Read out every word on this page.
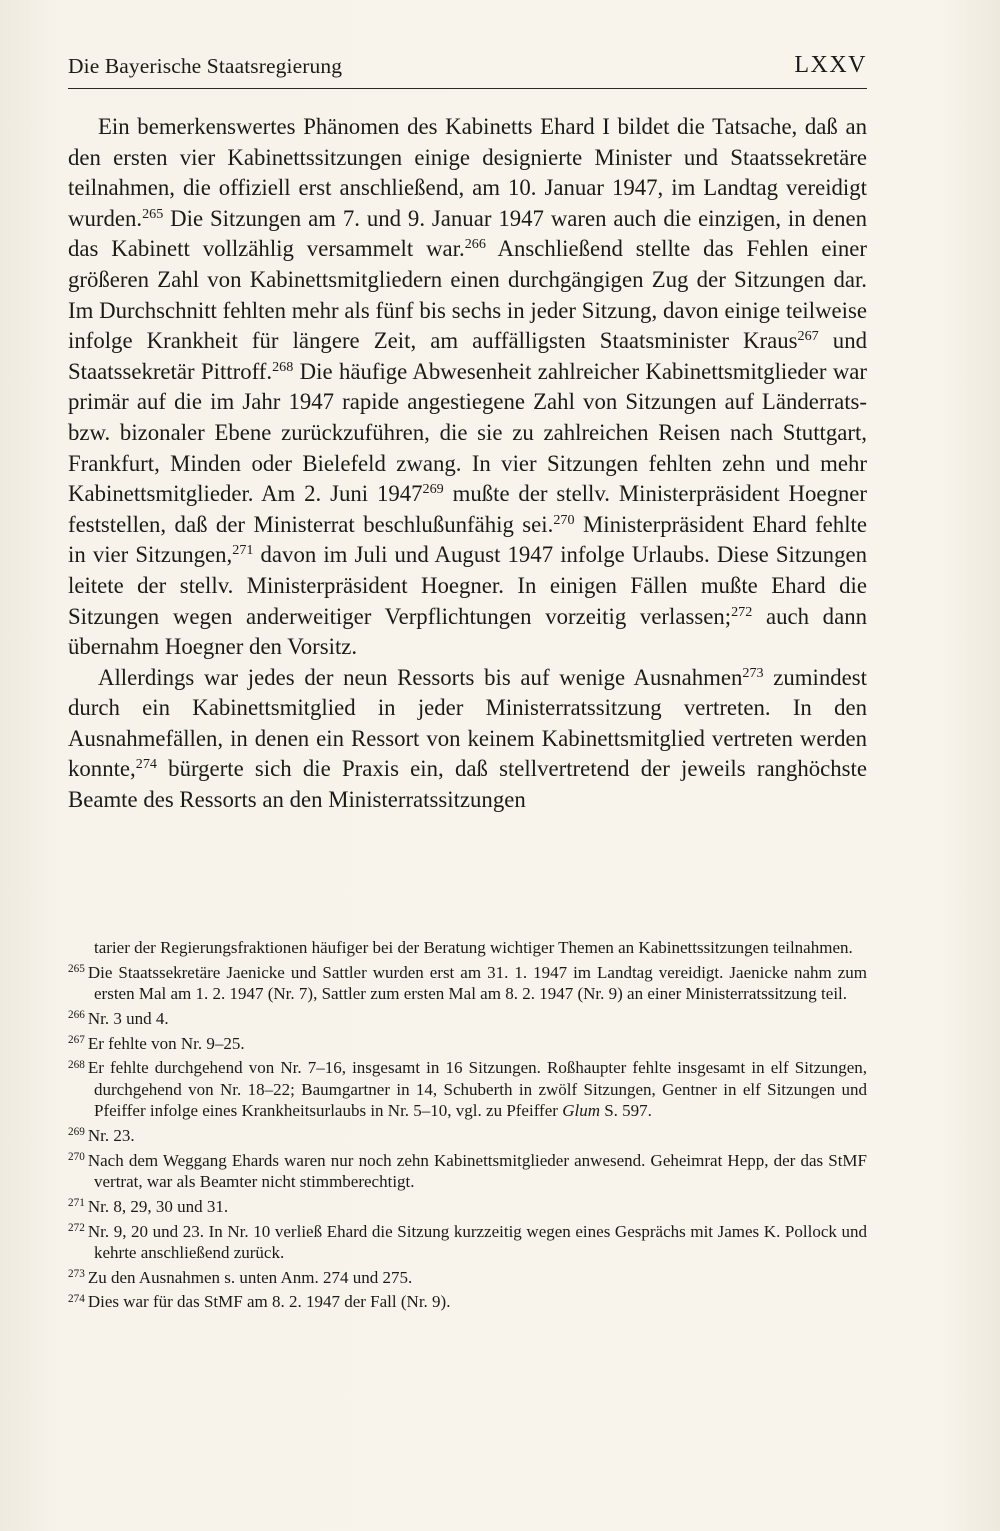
Die Bayerische Staatsregierung	LXXV

Ein bemerkenswertes Phänomen des Kabinetts Ehard I bildet die Tatsache, daß an den ersten vier Kabinettssitzungen einige designierte Minister und Staatssekretäre teilnahmen, die offiziell erst anschließend, am 10. Januar 1947, im Landtag vereidigt wurden.$^{265}$ Die Sitzungen am 7. und 9. Januar 1947 waren auch die einzigen, in denen das Kabinett vollzählig versammelt war.$^{266}$ Anschließend stellte das Fehlen einer größeren Zahl von Kabinettsmitgliedern einen durchgängigen Zug der Sitzungen dar. Im Durchschnitt fehlten mehr als fünf bis sechs in jeder Sitzung, davon einige teilweise infolge Krankheit für längere Zeit, am auffälligsten Staatsminister Kraus$^{267}$ und Staatssekretär Pittroff.$^{268}$ Die häufige Abwesenheit zahlreicher Kabinettsmitglieder war primär auf die im Jahr 1947 rapide angestiegene Zahl von Sitzungen auf Länderrats- bzw. bizonaler Ebene zurückzuführen, die sie zu zahlreichen Reisen nach Stuttgart, Frankfurt, Minden oder Bielefeld zwang. In vier Sitzungen fehlten zehn und mehr Kabinettsmitglieder. Am 2. Juni 1947$^{269}$ mußte der stellv. Ministerpräsident Hoegner feststellen, daß der Ministerrat beschlußunfähig sei.$^{270}$ Ministerpräsident Ehard fehlte in vier Sitzungen,$^{271}$ davon im Juli und August 1947 infolge Urlaubs. Diese Sitzungen leitete der stellv. Ministerpräsident Hoegner. In einigen Fällen mußte Ehard die Sitzungen wegen anderweitiger Verpflichtungen vorzeitig verlassen;$^{272}$ auch dann übernahm Hoegner den Vorsitz.

Allerdings war jedes der neun Ressorts bis auf wenige Ausnahmen$^{273}$ zumindest durch ein Kabinettsmitglied in jeder Ministerratssitzung vertreten. In den Ausnahmefällen, in denen ein Ressort von keinem Kabinettsmitglied vertreten werden konnte,$^{274}$ bürgerte sich die Praxis ein, daß stellvertretend der jeweils ranghöchste Beamte des Ressorts an den Ministerratssitzungen

tarier der Regierungsfraktionen häufiger bei der Beratung wichtiger Themen an Kabinettssitzungen teilnahmen.
$^{265}$ Die Staatssekretäre Jaenicke und Sattler wurden erst am 31. 1. 1947 im Landtag vereidigt. Jaenicke nahm zum ersten Mal am 1. 2. 1947 (Nr. 7), Sattler zum ersten Mal am 8. 2. 1947 (Nr. 9) an einer Ministerratssitzung teil.
$^{266}$ Nr. 3 und 4.
$^{267}$ Er fehlte von Nr. 9–25.
$^{268}$ Er fehlte durchgehend von Nr. 7–16, insgesamt in 16 Sitzungen. Roßhaupter fehlte insgesamt in elf Sitzungen, durchgehend von Nr. 18–22; Baumgartner in 14, Schuberth in zwölf Sitzungen, Gentner in elf Sitzungen und Pfeiffer infolge eines Krankheitsurlaubs in Nr. 5–10, vgl. zu Pfeiffer Glum S. 597.
$^{269}$ Nr. 23.
$^{270}$ Nach dem Weggang Ehards waren nur noch zehn Kabinettsmitglieder anwesend. Geheimrat Hepp, der das StMF vertrat, war als Beamter nicht stimmberechtigt.
$^{271}$ Nr. 8, 29, 30 und 31.
$^{272}$ Nr. 9, 20 und 23. In Nr. 10 verließ Ehard die Sitzung kurzzeitig wegen eines Gesprächs mit James K. Pollock und kehrte anschließend zurück.
$^{273}$ Zu den Ausnahmen s. unten Anm. 274 und 275.
$^{274}$ Dies war für das StMF am 8. 2. 1947 der Fall (Nr. 9).
